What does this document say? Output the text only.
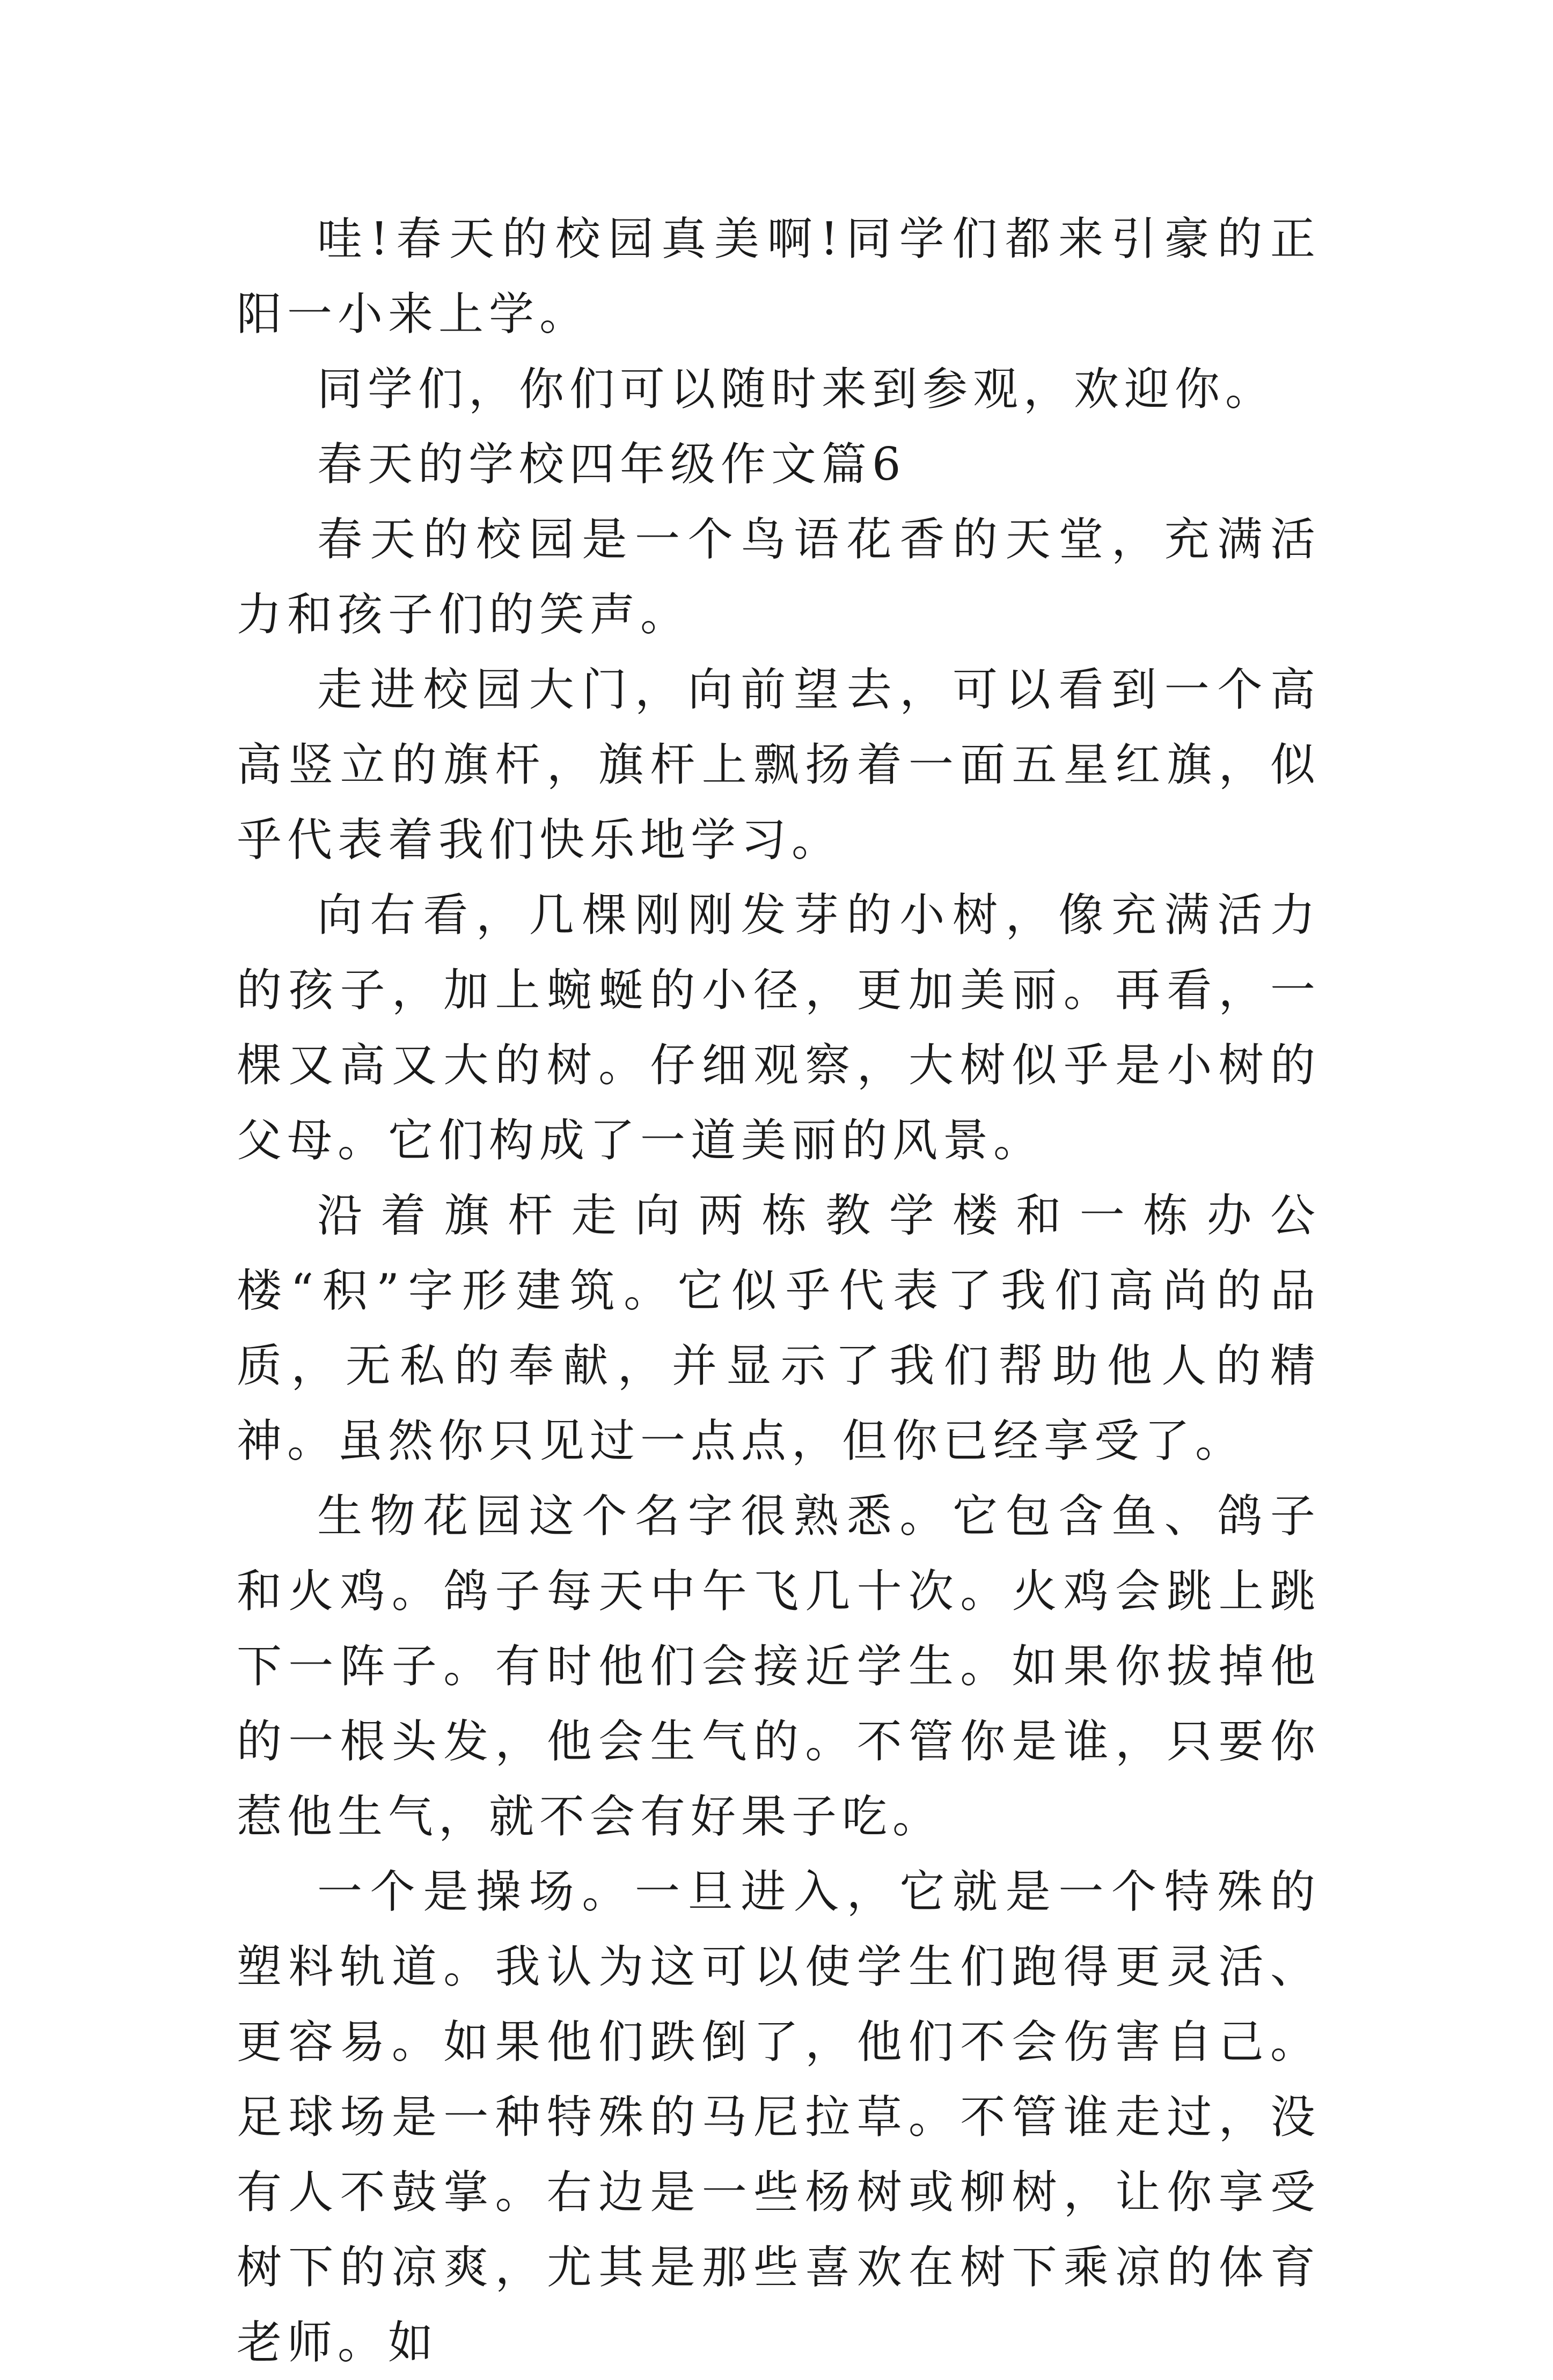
哇!春天的校园真美啊!同学们都来引豪的正阳一小来上学。

同学们，你们可以随时来到参观，欢迎你。

春天的学校四年级作文篇6

春天的校园是一个鸟语花香的天堂，充满活力和孩子们的笑声。

走进校园大门，向前望去，可以看到一个高高竖立的旗杆，旗杆上飘扬着一面五星红旗，似乎代表着我们快乐地学习。

向右看，几棵刚刚发芽的小树，像充满活力的孩子，加上蜿蜒的小径，更加美丽。再看，一棵又高又大的树。仔细观察，大树似乎是小树的父母。它们构成了一道美丽的风景。

沿着旗杆走向两栋教学楼和一栋办公楼“积”字形建筑。它似乎代表了我们高尚的品质，无私的奉献，并显示了我们帮助他人的精神。虽然你只见过一点点，但你已经享受了。

生物花园这个名字很熟悉。它包含鱼、鸽子和火鸡。鸽子每天中午飞几十次。火鸡会跳上跳下一阵子。有时他们会接近学生。如果你拔掉他的一根头发，他会生气的。不管你是谁，只要你惹他生气，就不会有好果子吃。

一个是操场。一旦进入，它就是一个特殊的塑料轨道。我认为这可以使学生们跑得更灵活、更容易。如果他们跌倒了，他们不会伤害自己。足球场是一种特殊的马尼拉草。不管谁走过，没有人不鼓掌。右边是一些杨树或柳树，让你享受树下的凉爽，尤其是那些喜欢在树下乘凉的体育老师。如
